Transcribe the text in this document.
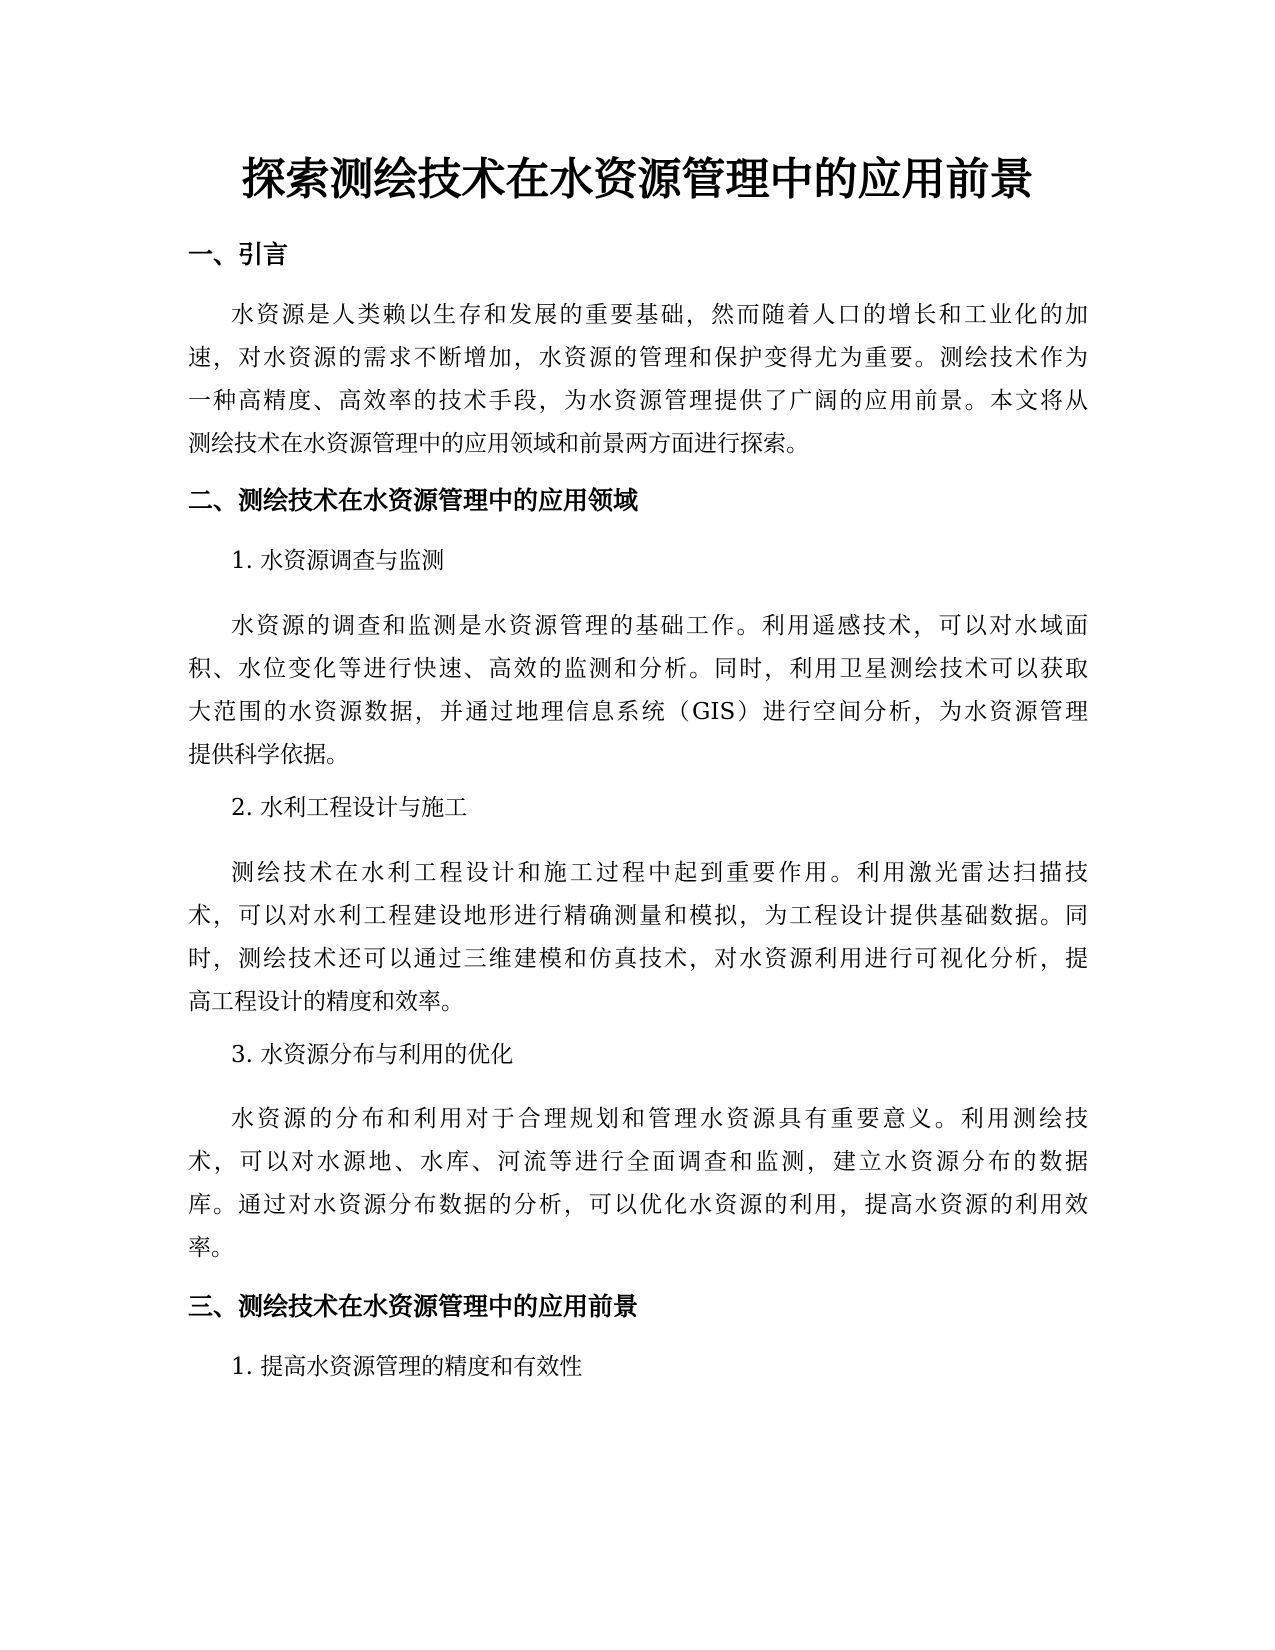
探索测绘技术在水资源管理中的应用前景
一、引言

水资源是人类赖以生存和发展的重要基础，然而随着人口的增长和工业化的加
速，对水资源的需求不断增加，水资源的管理和保护变得尤为重要。测绘技术作为
一种高精度、高效率的技术手段，为水资源管理提供了广阔的应用前景。本文将从
测绘技术在水资源管理中的应用领域和前景两方面进行探索。

二、测绘技术在水资源管理中的应用领域

1. 水资源调查与监测

水资源的调查和监测是水资源管理的基础工作。利用遥感技术，可以对水域面
积、水位变化等进行快速、高效的监测和分析。同时，利用卫星测绘技术可以获取
大范围的水资源数据，并通过地理信息系统（GIS）进行空间分析，为水资源管理
提供科学依据。

2. 水利工程设计与施工

测绘技术在水利工程设计和施工过程中起到重要作用。利用激光雷达扫描技
术，可以对水利工程建设地形进行精确测量和模拟，为工程设计提供基础数据。同
时，测绘技术还可以通过三维建模和仿真技术，对水资源利用进行可视化分析，提
高工程设计的精度和效率。

3. 水资源分布与利用的优化

水资源的分布和利用对于合理规划和管理水资源具有重要意义。利用测绘技
术，可以对水源地、水库、河流等进行全面调查和监测，建立水资源分布的数据
库。通过对水资源分布数据的分析，可以优化水资源的利用，提高水资源的利用效
率。

三、测绘技术在水资源管理中的应用前景

1. 提高水资源管理的精度和有效性
